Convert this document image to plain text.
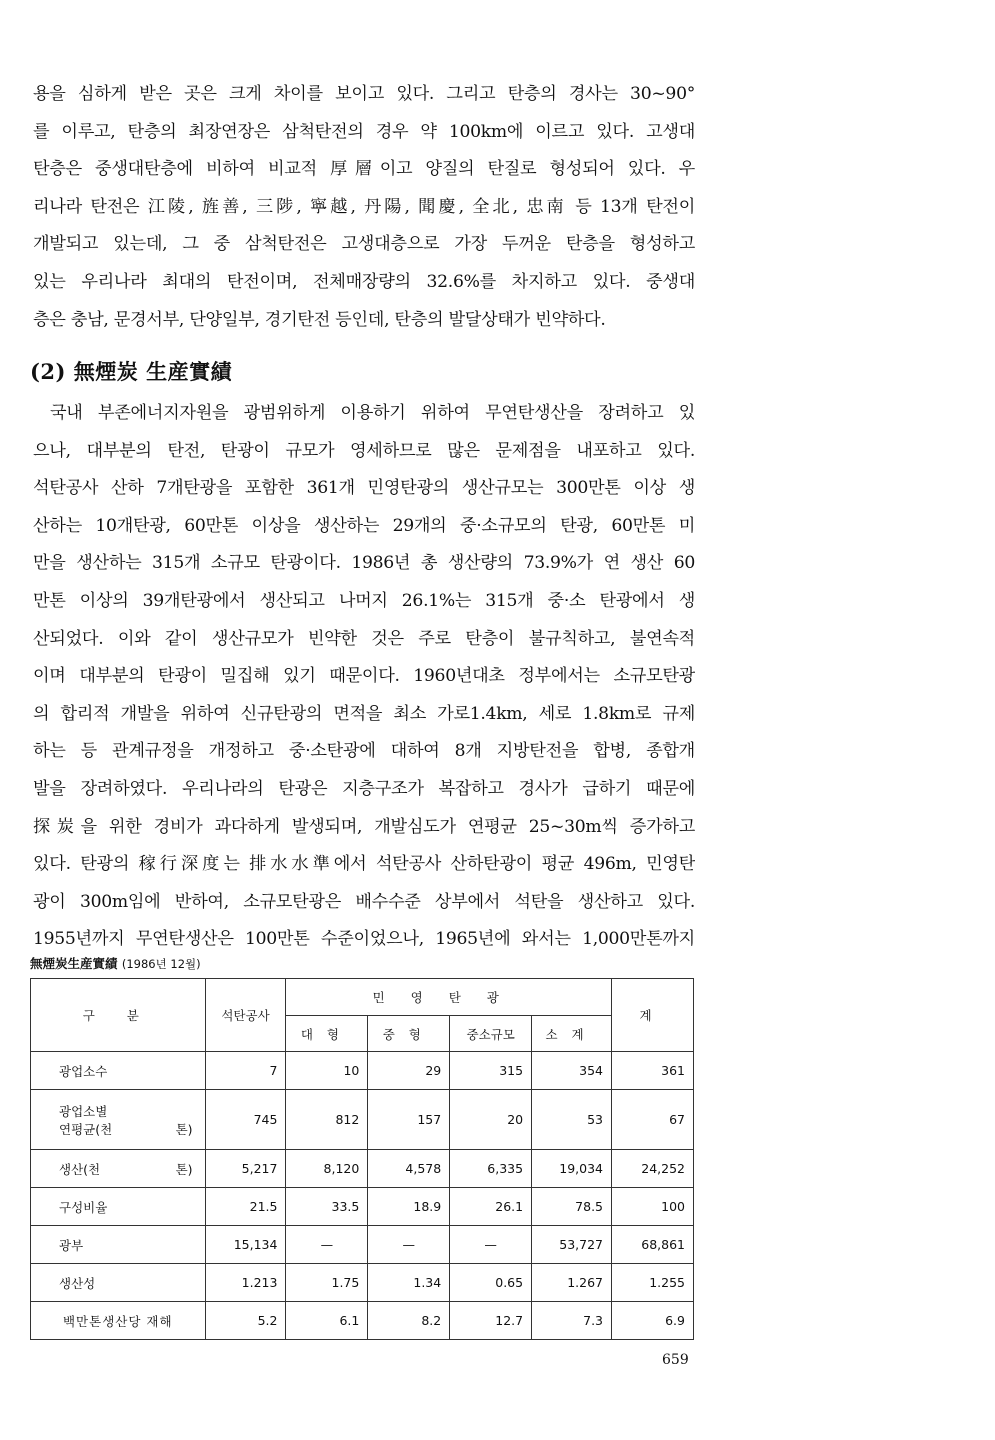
용을 심하게 받은 곳은 크게 차이를 보이고 있다. 그리고 탄층의 경사는 30~90°
를 이루고, 탄층의 최장연장은 삼척탄전의 경우 약 100km에 이르고 있다. 고생대
탄층은 중생대탄층에 비하여 비교적 厚層이고 양질의 탄질로 형성되어 있다. 우
리나라 탄전은 江陵, 旌善, 三陟, 寧越, 丹陽, 聞慶, 全北, 忠南 등 13개 탄전이
개발되고 있는데, 그 중 삼척탄전은 고생대층으로 가장 두꺼운 탄층을 형성하고
있는 우리나라 최대의 탄전이며, 전체매장량의 32.6%를 차지하고 있다. 중생대
층은 충남, 문경서부, 단양일부, 경기탄전 등인데, 탄층의 발달상태가 빈약하다.
(2) 無煙炭 生産實績
국내 부존에너지자원을 광범위하게 이용하기 위하여 무연탄생산을 장려하고 있
으나, 대부분의 탄전, 탄광이 규모가 영세하므로 많은 문제점을 내포하고 있다.
석탄공사 산하 7개탄광을 포함한 361개 민영탄광의 생산규모는 300만톤 이상 생
산하는 10개탄광, 60만톤 이상을 생산하는 29개의 중·소규모의 탄광, 60만톤 미
만을 생산하는 315개 소규모 탄광이다. 1986년 총 생산량의 73.9%가 연 생산 60
만톤 이상의 39개탄광에서 생산되고 나머지 26.1%는 315개 중·소 탄광에서 생
산되었다. 이와 같이 생산규모가 빈약한 것은 주로 탄층이 불규칙하고, 불연속적
이며 대부분의 탄광이 밀집해 있기 때문이다. 1960년대초 정부에서는 소규모탄광
의 합리적 개발을 위하여 신규탄광의 면적을 최소 가로1.4km, 세로 1.8km로 규제
하는 등 관계규정을 개정하고 중·소탄광에 대하여 8개 지방탄전을 합병, 종합개
발을 장려하였다. 우리나라의 탄광은 지층구조가 복잡하고 경사가 급하기 때문에
探炭을 위한 경비가 과다하게 발생되며, 개발심도가 연평균 25~30m씩 증가하고
있다. 탄광의 稼行深度는 排水水準에서 석탄공사 산하탄광이 평균 496m, 민영탄
광이 300m임에 반하여, 소규모탄광은 배수수준 상부에서 석탄을 생산하고 있다.
1955년까지 무연탄생산은 100만톤 수준이었으나, 1965년에 와서는 1,000만톤까지
無煙炭生産實績 (1986년 12월)
구 분	석탄공사	민영탄광				계
		대형	중형	중소규모	소계	
광업소수	7	10	29	315	354	361

광업소별
연평균(천 톤)	745	812	157	20	53	67
생산(천 톤)	5,217	8,120	4,578	6,335	19,034	24,252
구성비율	21.5	33.5	18.9	26.1	78.5	100
광부	15,134	—	—	—	53,727	68,861
생산성	1.213	1.75	1.34	0.65	1.267	1.255
백만톤생산당 재해	5.2	6.1	8.2	12.7	7.3	6.9
659
